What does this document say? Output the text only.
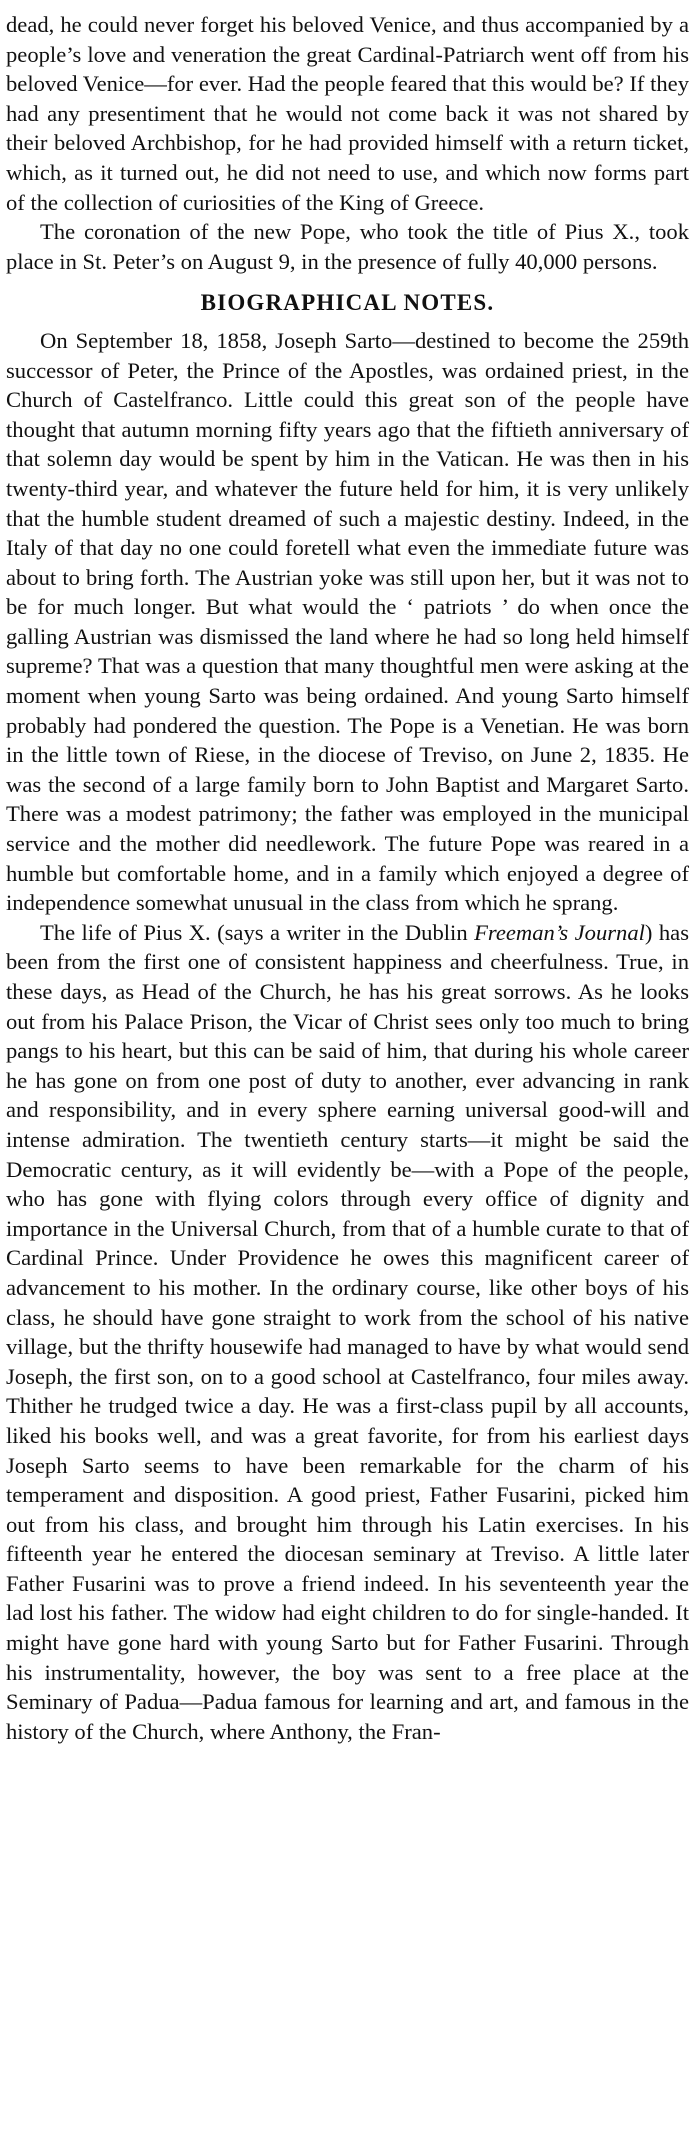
dead, he could never forget his beloved Venice, and thus accompanied by a people’s love and veneration the great Cardinal-Patriarch went off from his beloved Venice—for ever. Had the people feared that this would be? If they had any presentiment that he would not come back it was not shared by their beloved Archbishop, for he had provided himself with a return ticket, which, as it turned out, he did not need to use, and which now forms part of the collection of curiosities of the King of Greece.

The coronation of the new Pope, who took the title of Pius X., took place in St. Peter’s on August 9, in the presence of fully 40,000 persons.

BIOGRAPHICAL NOTES.

On September 18, 1858, Joseph Sarto—destined to become the 259th successor of Peter, the Prince of the Apostles, was ordained priest, in the Church of Castelfranco. Little could this great son of the people have thought that autumn morning fifty years ago that the fiftieth anniversary of that solemn day would be spent by him in the Vatican. He was then in his twenty-third year, and whatever the future held for him, it is very unlikely that the humble student dreamed of such a majestic destiny. Indeed, in the Italy of that day no one could foretell what even the immediate future was about to bring forth. The Austrian yoke was still upon her, but it was not to be for much longer. But what would the ‘ patriots ’ do when once the galling Austrian was dismissed the land where he had so long held himself supreme? That was a question that many thoughtful men were asking at the moment when young Sarto was being ordained. And young Sarto himself probably had pondered the question. The Pope is a Venetian. He was born in the little town of Riese, in the diocese of Treviso, on June 2, 1835. He was the second of a large family born to John Baptist and Margaret Sarto. There was a modest patrimony; the father was employed in the municipal service and the mother did needlework. The future Pope was reared in a humble but comfortable home, and in a family which enjoyed a degree of independence somewhat unusual in the class from which he sprang.

The life of Pius X. (says a writer in the Dublin Freeman’s Journal) has been from the first one of consistent happiness and cheerfulness. True, in these days, as Head of the Church, he has his great sorrows. As he looks out from his Palace Prison, the Vicar of Christ sees only too much to bring pangs to his heart, but this can be said of him, that during his whole career he has gone on from one post of duty to another, ever advancing in rank and responsibility, and in every sphere earning universal good-will and intense admiration. The twentieth century starts—it might be said the Democratic century, as it will evidently be—with a Pope of the people, who has gone with flying colors through every office of dignity and importance in the Universal Church, from that of a humble curate to that of Cardinal Prince. Under Providence he owes this magnificent career of advancement to his mother. In the ordinary course, like other boys of his class, he should have gone straight to work from the school of his native village, but the thrifty housewife had managed to have by what would send Joseph, the first son, on to a good school at Castelfranco, four miles away. Thither he trudged twice a day. He was a first-class pupil by all accounts, liked his books well, and was a great favorite, for from his earliest days Joseph Sarto seems to have been remarkable for the charm of his temperament and disposition. A good priest, Father Fusarini, picked him out from his class, and brought him through his Latin exercises. In his fifteenth year he entered the diocesan seminary at Treviso. A little later Father Fusarini was to prove a friend indeed. In his seventeenth year the lad lost his father. The widow had eight children to do for single-handed. It might have gone hard with young Sarto but for Father Fusarini. Through his instrumentality, however, the boy was sent to a free place at the Seminary of Padua—Padua famous for learning and art, and famous in the history of the Church, where Anthony, the Fran-
